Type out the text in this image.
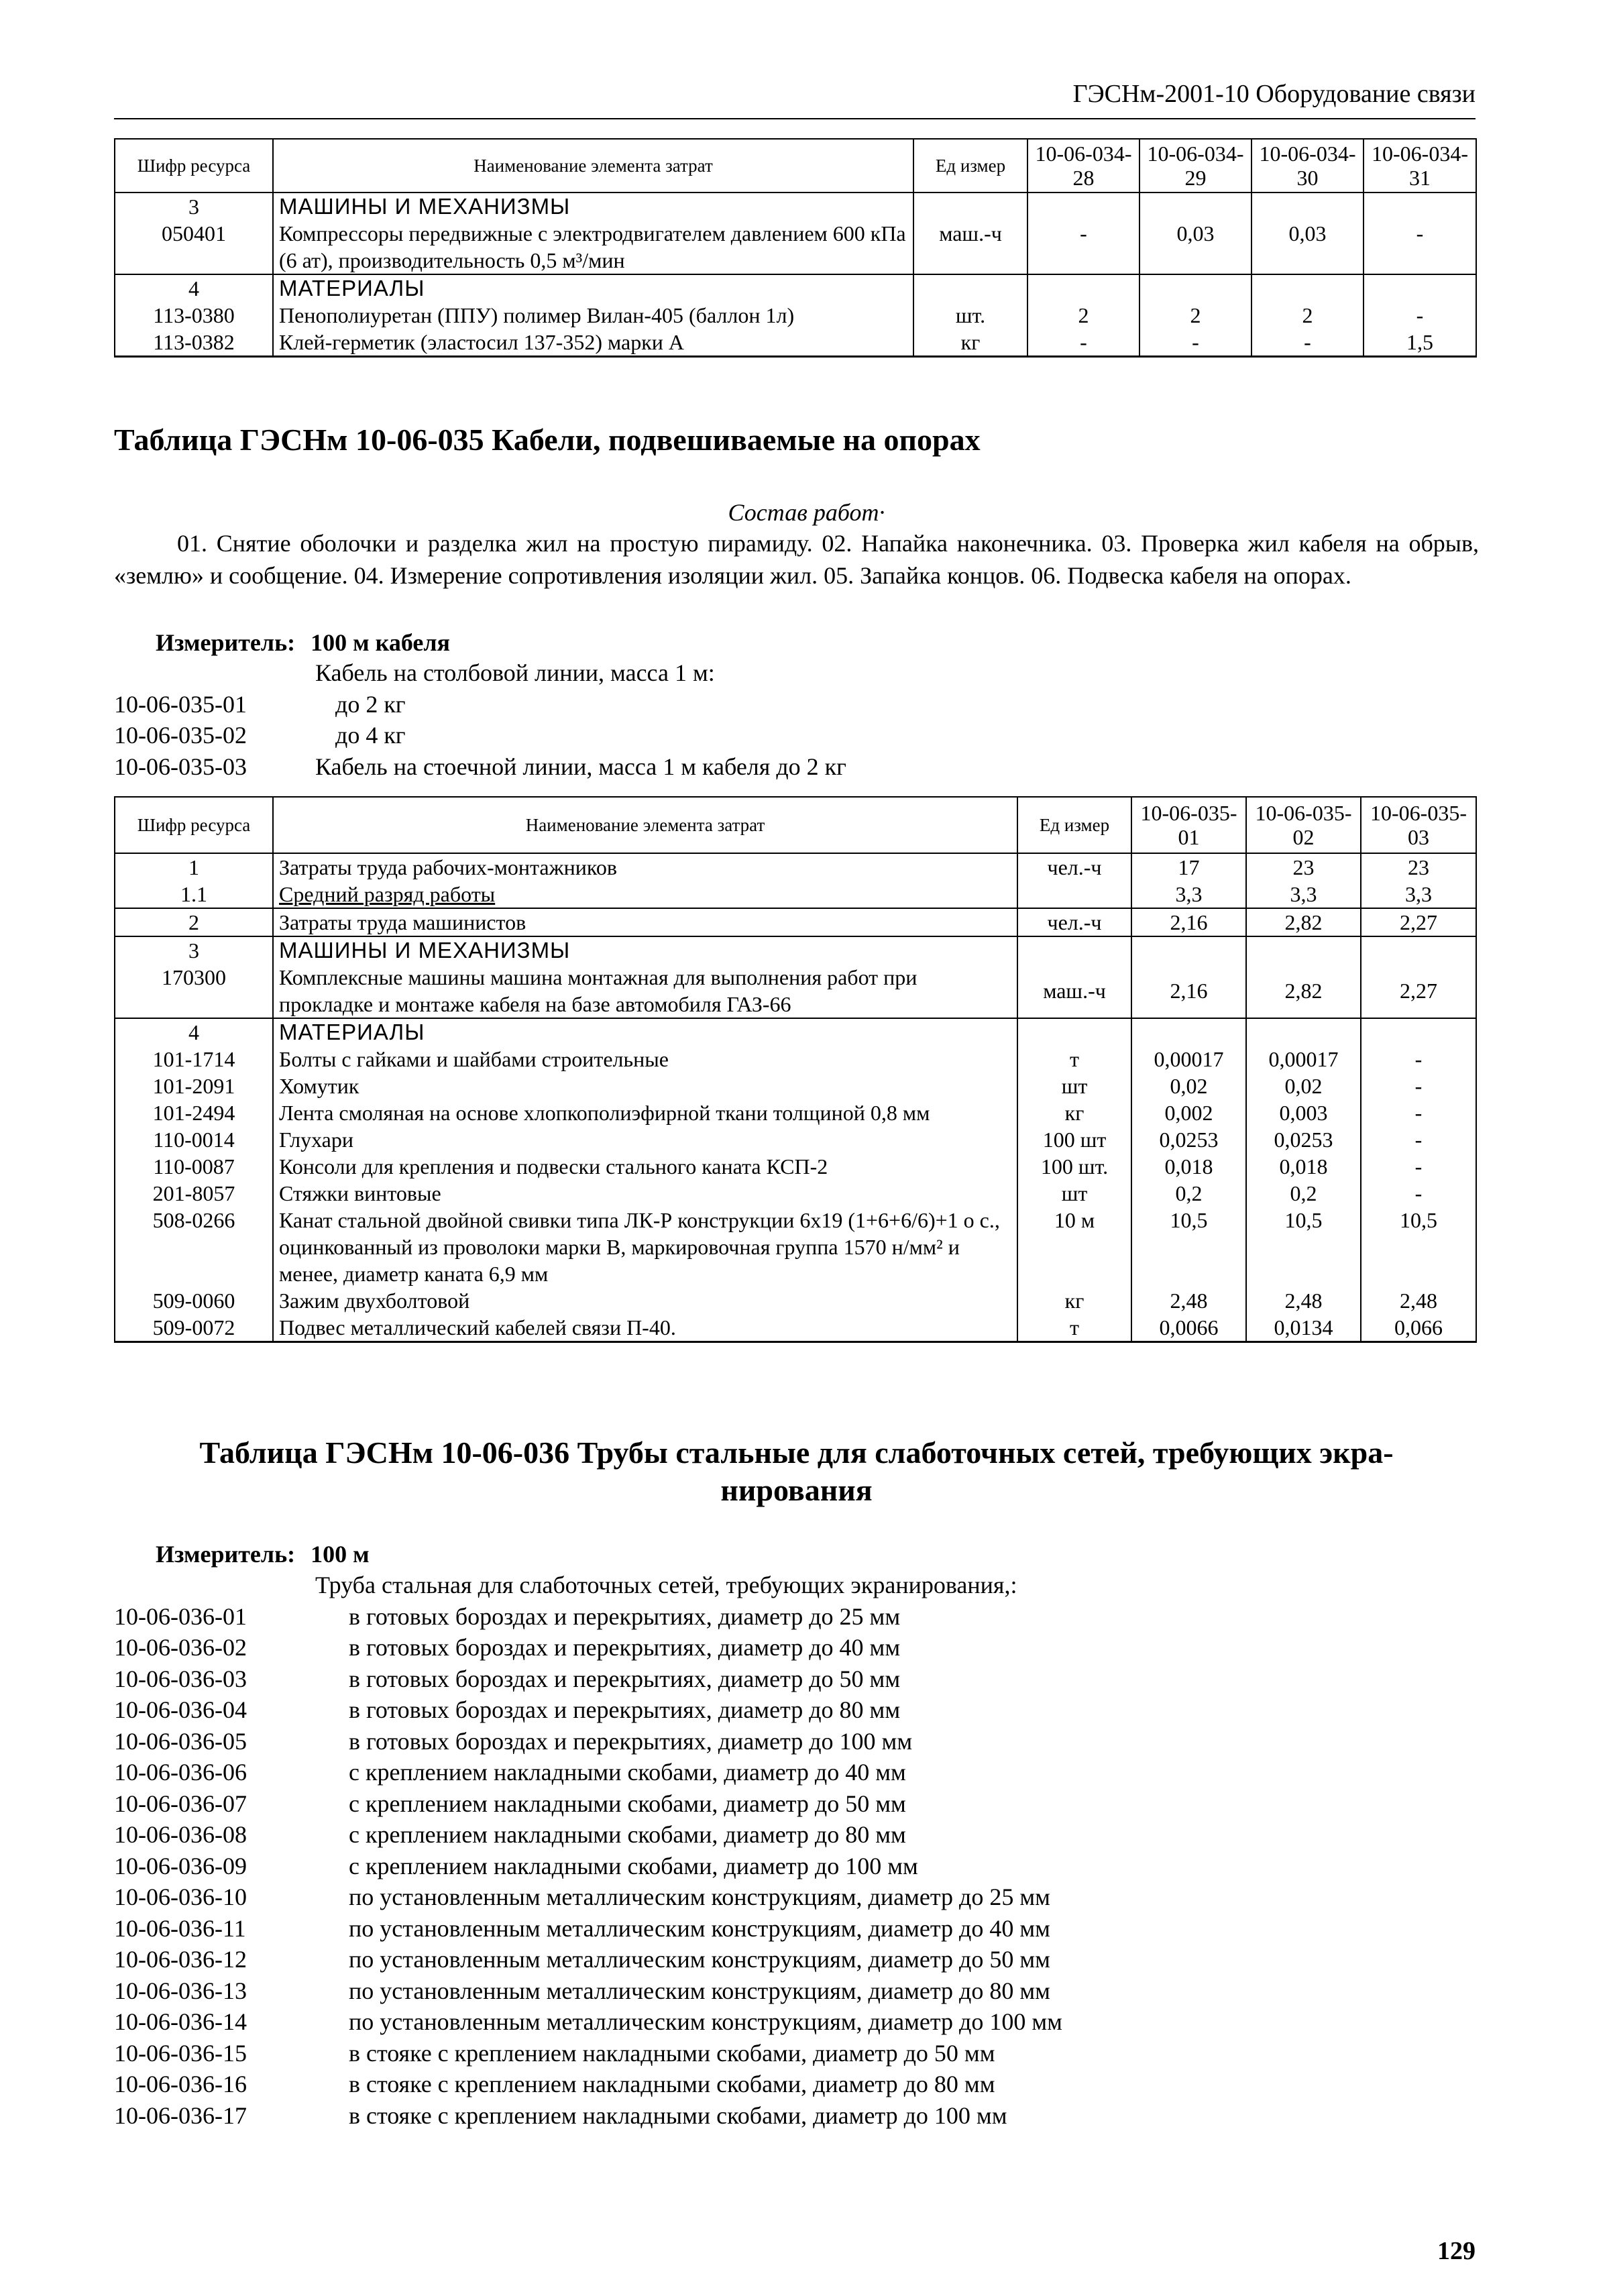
ГЭСНм-2001-10 Оборудование связи
Шифр ресурса	Наименование элемента затрат	Ед измер	10-06-034-28	10-06-034-29	10-06-034-30	10-06-034-31
3	МАШИНЫ И МЕХАНИЗМЫ					
050401	Компрессоры передвижные с электродвигателем давлением 600 кПа (6 ат), производительность 0,5 м³/мин	маш.-ч	-	0,03	0,03	-
4	МАТЕРИАЛЫ					
113-0380	Пенополиуретан (ППУ) полимер Вилан-405 (баллон 1л)	шт.	2	2	2	-
113-0382	Клей-герметик (эластосил 137-352) марки А	кг	-	-	-	1,5
Таблица ГЭСНм 10-06-035 Кабели, подвешиваемые на опорах
Состав работ·
01. Снятие оболочки и разделка жил на простую пирамиду. 02. Напайка наконечника. 03. Проверка жил кабеля на обрыв, «землю» и сообщение. 04. Измерение сопротивления изоляции жил. 05. Запайка концов. 06. Подвеска кабеля на опорах.
Измеритель: 100 м кабеля
Кабель на столбовой линии, масса 1 м:
10-06-035-01	до 2 кг
10-06-035-02	до 4 кг
10-06-035-03	Кабель на стоечной линии, масса 1 м кабеля до 2 кг
Шифр ресурса	Наименование элемента затрат	Ед измер	10-06-035-01	10-06-035-02	10-06-035-03
1	Затраты труда рабочих-монтажников	чел.-ч	17	23	23
1.1	Средний разряд работы		3,3	3,3	3,3
2	Затраты труда машинистов	чел.-ч	2,16	2,82	2,27
3	МАШИНЫ И МЕХАНИЗМЫ				
170300	Комплексные машины машина монтажная для выполнения работ при прокладке и монтаже кабеля на базе автомобиля ГАЗ-66	маш.-ч	2,16	2,82	2,27
4	МАТЕРИАЛЫ				
101-1714	Болты с гайками и шайбами строительные	т	0,00017	0,00017	-
101-2091	Хомутик	шт	0,02	0,02	-
101-2494	Лента смоляная на основе хлопкополиэфирной ткани толщиной 0,8 мм	кг	0,002	0,003	-
110-0014	Глухари	100 шт	0,0253	0,0253	-
110-0087	Консоли для крепления и подвески стального каната КСП-2	100 шт.	0,018	0,018	-
201-8057	Стяжки винтовые	шт	0,2	0,2	-
508-0266	Канат стальной двойной свивки типа ЛК-Р конструкции 6х19 (1+6+6/6)+1 о с., оцинкованный из проволоки марки В, маркировочная группа 1570 н/мм² и менее, диаметр каната 6,9 мм	10 м	10,5	10,5	10,5
509-0060	Зажим двухболтовой	кг	2,48	2,48	2,48
509-0072	Подвес металлический кабелей связи П-40.	т	0,0066	0,0134	0,066
Таблица ГЭСНм 10-06-036 Трубы стальные для слаботочных сетей, требующих экра-
нирования
Измеритель: 100 м
Труба стальная для слаботочных сетей, требующих экранирования,:
10-06-036-01	в готовых бороздах и перекрытиях, диаметр до 25 мм
10-06-036-02	в готовых бороздах и перекрытиях, диаметр до 40 мм
10-06-036-03	в готовых бороздах и перекрытиях, диаметр до 50 мм
10-06-036-04	в готовых бороздах и перекрытиях, диаметр до 80 мм
10-06-036-05	в готовых бороздах и перекрытиях, диаметр до 100 мм
10-06-036-06	с креплением накладными скобами, диаметр до 40 мм
10-06-036-07	с креплением накладными скобами, диаметр до 50 мм
10-06-036-08	с креплением накладными скобами, диаметр до 80 мм
10-06-036-09	с креплением накладными скобами, диаметр до 100 мм
10-06-036-10	по установленным металлическим конструкциям, диаметр до 25 мм
10-06-036-11	по установленным металлическим конструкциям, диаметр до 40 мм
10-06-036-12	по установленным металлическим конструкциям, диаметр до 50 мм
10-06-036-13	по установленным металлическим конструкциям, диаметр до 80 мм
10-06-036-14	по установленным металлическим конструкциям, диаметр до 100 мм
10-06-036-15	в стояке с креплением накладными скобами, диаметр до 50 мм
10-06-036-16	в стояке с креплением накладными скобами, диаметр до 80 мм
10-06-036-17	в стояке с креплением накладными скобами, диаметр до 100 мм
129
